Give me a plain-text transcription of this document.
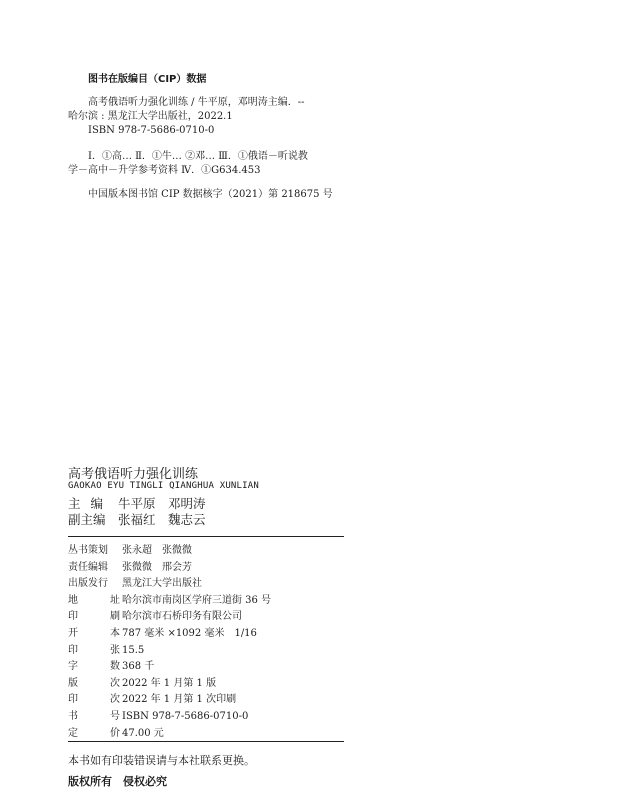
图书在版编目（CIP）数据
高考俄语听力强化训练 / 牛平原，邓明涛主编．--
哈尔滨 : 黑龙江大学出版社，2022.1
ISBN 978-7-5686-0710-0
Ⅰ．①高… Ⅱ．①牛… ②邓… Ⅲ．①俄语－听说教
学－高中－升学参考资料 Ⅳ．①G634.453
中国版本图书馆 CIP 数据核字（2021）第 218675 号
高考俄语听力强化训练
GAOKAO EYU TINGLI QIANGHUA XUNLIAN
主编 牛平原　邓明涛
副主编 张福红　魏志云
丛书策划	张永超　张微微
责任编辑	张微微　邢会芳
出版发行	黑龙江大学出版社
地	址 哈尔滨市南岗区学府三道街 36 号
印	刷 哈尔滨市石桥印务有限公司
开	本 787 毫米 ×1092 毫米　1/16
印	张 15.5
字	数 368 千
版	次 2022 年 1 月第 1 版
印	次 2022 年 1 月第 1 次印刷
书	号 ISBN 978-7-5686-0710-0
定	价 47.00 元
本书如有印装错误请与本社联系更换。
版权所有　侵权必究
